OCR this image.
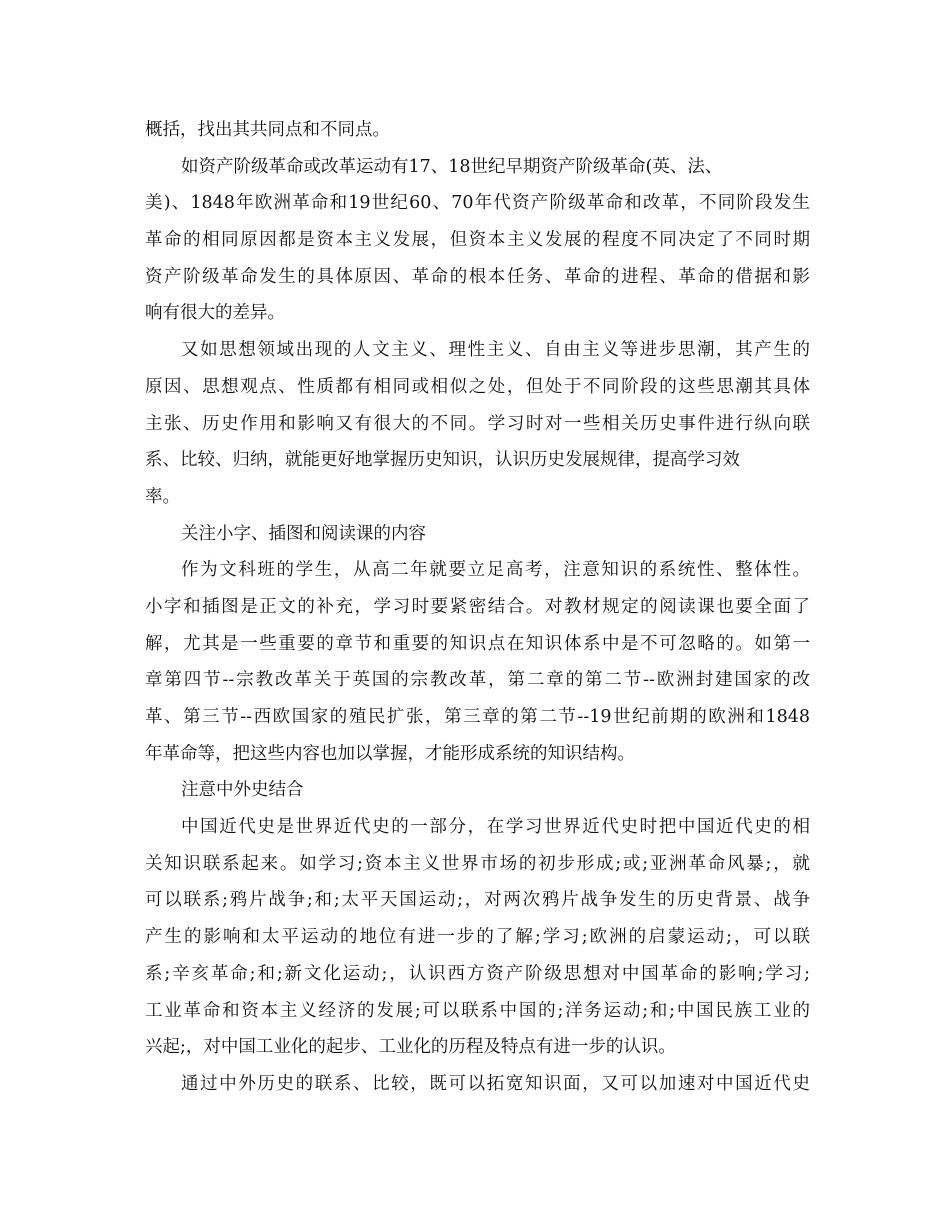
概括，找出其共同点和不同点。
如资产阶级革命或改革运动有17、18世纪早期资产阶级革命(英、法、
美)、1848年欧洲革命和19世纪60、70年代资产阶级革命和改革，不同阶段发生
革命的相同原因都是资本主义发展，但资本主义发展的程度不同决定了不同时期
资产阶级革命发生的具体原因、革命的根本任务、革命的进程、革命的借据和影
响有很大的差异。
又如思想领域出现的人文主义、理性主义、自由主义等进步思潮，其产生的
原因、思想观点、性质都有相同或相似之处，但处于不同阶段的这些思潮其具体
主张、历史作用和影响又有很大的不同。学习时对一些相关历史事件进行纵向联
系、比较、归纳，就能更好地掌握历史知识，认识历史发展规律，提高学习效
率。
关注小字、插图和阅读课的内容
作为文科班的学生，从高二年就要立足高考，注意知识的系统性、整体性。
小字和插图是正文的补充，学习时要紧密结合。对教材规定的阅读课也要全面了
解，尤其是一些重要的章节和重要的知识点在知识体系中是不可忽略的。如第一
章第四节--宗教改革关于英国的宗教改革，第二章的第二节--欧洲封建国家的改
革、第三节--西欧国家的殖民扩张，第三章的第二节--19世纪前期的欧洲和1848
年革命等，把这些内容也加以掌握，才能形成系统的知识结构。
注意中外史结合
中国近代史是世界近代史的一部分，在学习世界近代史时把中国近代史的相
关知识联系起来。如学习;资本主义世界市场的初步形成;或;亚洲革命风暴;，就
可以联系;鸦片战争;和;太平天国运动;，对两次鸦片战争发生的历史背景、战争
产生的影响和太平运动的地位有进一步的了解;学习;欧洲的启蒙运动;，可以联
系;辛亥革命;和;新文化运动;，认识西方资产阶级思想对中国革命的影响;学习;
工业革命和资本主义经济的发展;可以联系中国的;洋务运动;和;中国民族工业的
兴起;，对中国工业化的起步、工业化的历程及特点有进一步的认识。
通过中外历史的联系、比较，既可以拓宽知识面，又可以加速对中国近代史
